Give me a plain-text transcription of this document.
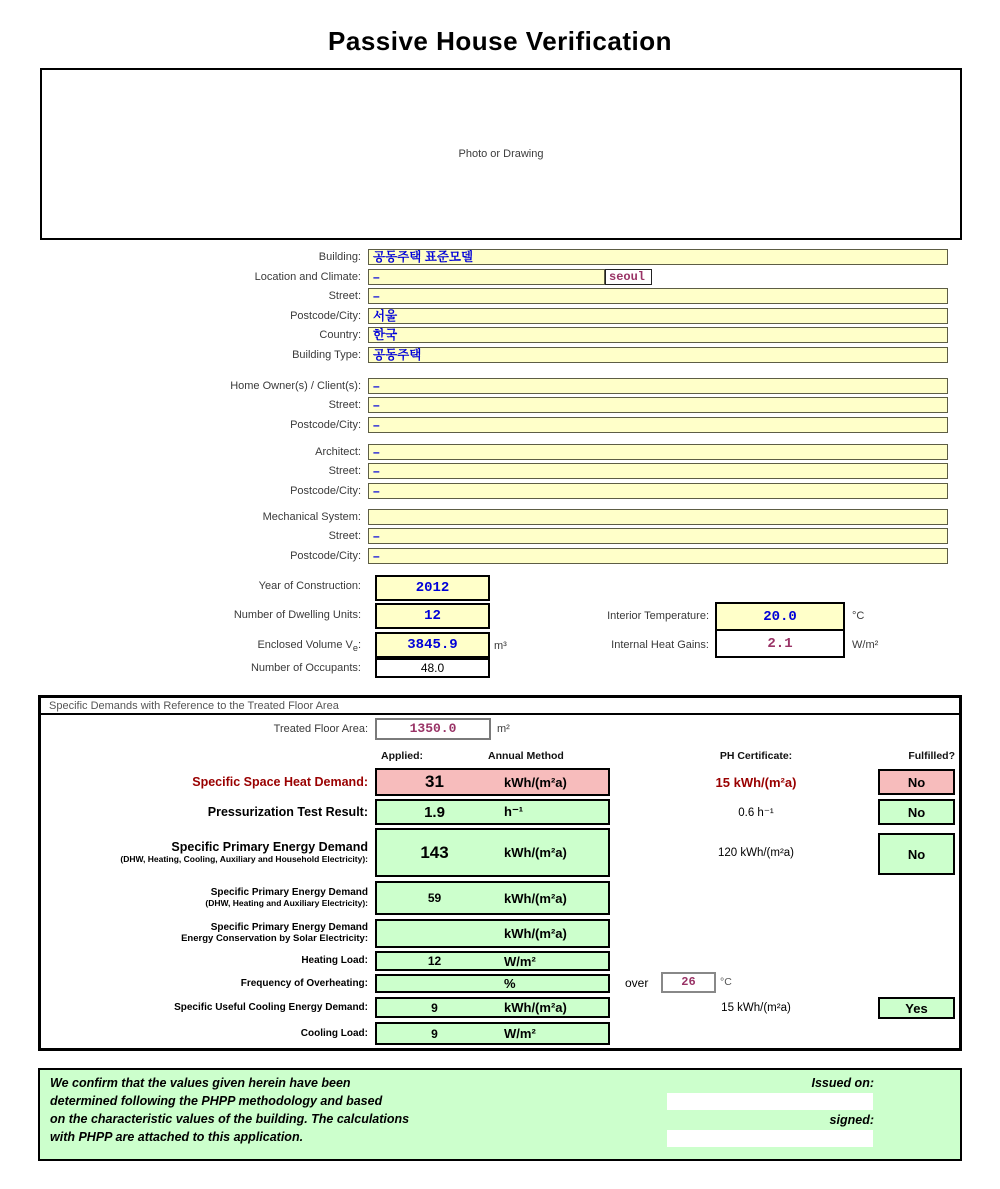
Passive House Verification
Photo or Drawing
Building: 공동주택 표준모델
Location and Climate:	–	seoul
Street:	–
Postcode/City: 서울
Country: 한국
Building Type: 공동주택
Home Owner(s) / Client(s):	–
Street:	–
Postcode/City:	–
Architect:	–
Street:	–
Postcode/City:	–
Mechanical System:
Street:	–
Postcode/City:	–
Year of Construction:	2012
Number of Dwelling Units:	12
Enclosed Volume $V_e$:	3845.9	m³
Number of Occupants:	48.0
Interior Temperature:	20.0	°C
Internal Heat Gains:	2.1	W/m²
Specific Demands with Reference to the Treated Floor Area
Treated Floor Area:	1350.0	m²
Applied:	Annual Method	PH Certificate:	Fulfilled?
Specific Space Heat Demand:	31	kWh/(m²a)	15 kWh/(m²a)	No
Pressurization Test Result:	1.9	h⁻¹	0.6 h⁻¹	No
Specific Primary Energy Demand
(DHW, Heating, Cooling, Auxiliary and Household Electricity):	143	kWh/(m²a)	120 kWh/(m²a)	No
Specific Primary Energy Demand
(DHW, Heating and Auxiliary Electricity):	59	kWh/(m²a)
Specific Primary Energy Demand
Energy Conservation by Solar Electricity:	kWh/(m²a)
Heating Load:	12	W/m²
Frequency of Overheating:	%	over	26	°C
Specific Useful Cooling Energy Demand:	9	kWh/(m²a)	15 kWh/(m²a)	Yes
Cooling Load:	9	W/m²
We confirm that the values given herein have been
determined following the PHPP methodology and based
on the characteristic values of the building. The calculations
with PHPP are attached to this application.
Issued on:
signed:
